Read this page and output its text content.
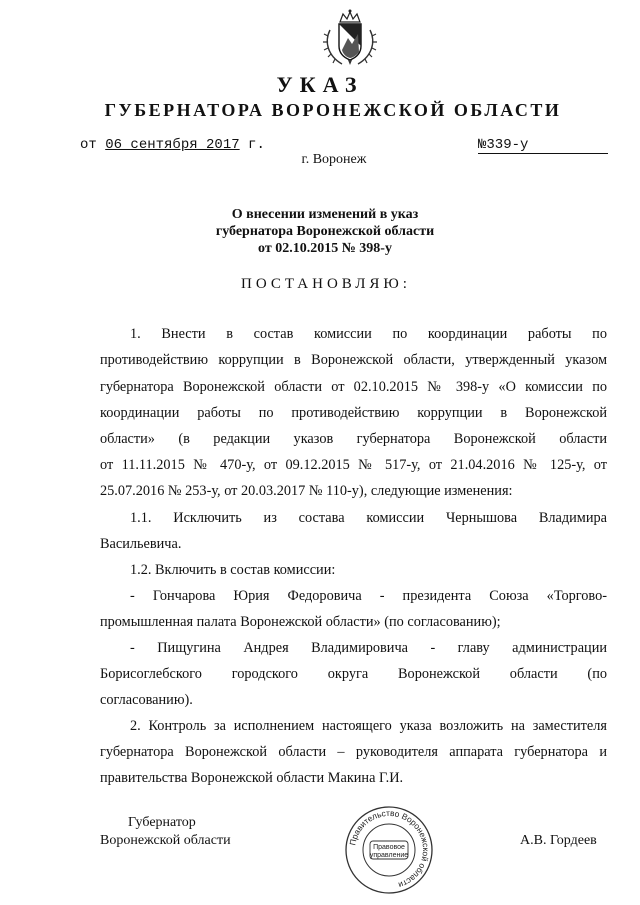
УКАЗ
ГУБЕРНАТОРА ВОРОНЕЖСКОЙ ОБЛАСТИ
от 06 сентября 2017 г.	№339-у
г. Воронеж
О внесении изменений в указ
губернатора Воронежской области
от 02.10.2015 № 398-у
ПОСТАНОВЛЯЮ:
1. Внести в состав комиссии по координации работы по
противодействию коррупции в Воронежской области, утвержденный указом
губернатора Воронежской области от 02.10.2015 № 398-у «О комиссии по
координации работы по противодействию коррупции в Воронежской
области» (в редакции указов губернатора Воронежской области
от 11.11.2015 № 470-у, от 09.12.2015 № 517-у, от 21.04.2016 № 125-у, от
25.07.2016 № 253-у, от 20.03.2017 № 110-у), следующие изменения:
1.1. Исключить из состава комиссии Чернышова Владимира
Васильевича.
1.2. Включить в состав комиссии:
- Гончарова Юрия Федоровича - президента Союза «Торгово-
промышленная палата Воронежской области» (по согласованию);
- Пищугина Андрея Владимировича - главу администрации
Борисоглебского городского округа Воронежской области (по
согласованию).
2. Контроль за исполнением настоящего указа возложить на заместителя
губернатора Воронежской области – руководителя аппарата губернатора и
правительства Воронежской области Макина Г.И.
Губернатор
Воронежской области	А.В. Гордеев
Правительство Воронежской области
Правовое
управление
